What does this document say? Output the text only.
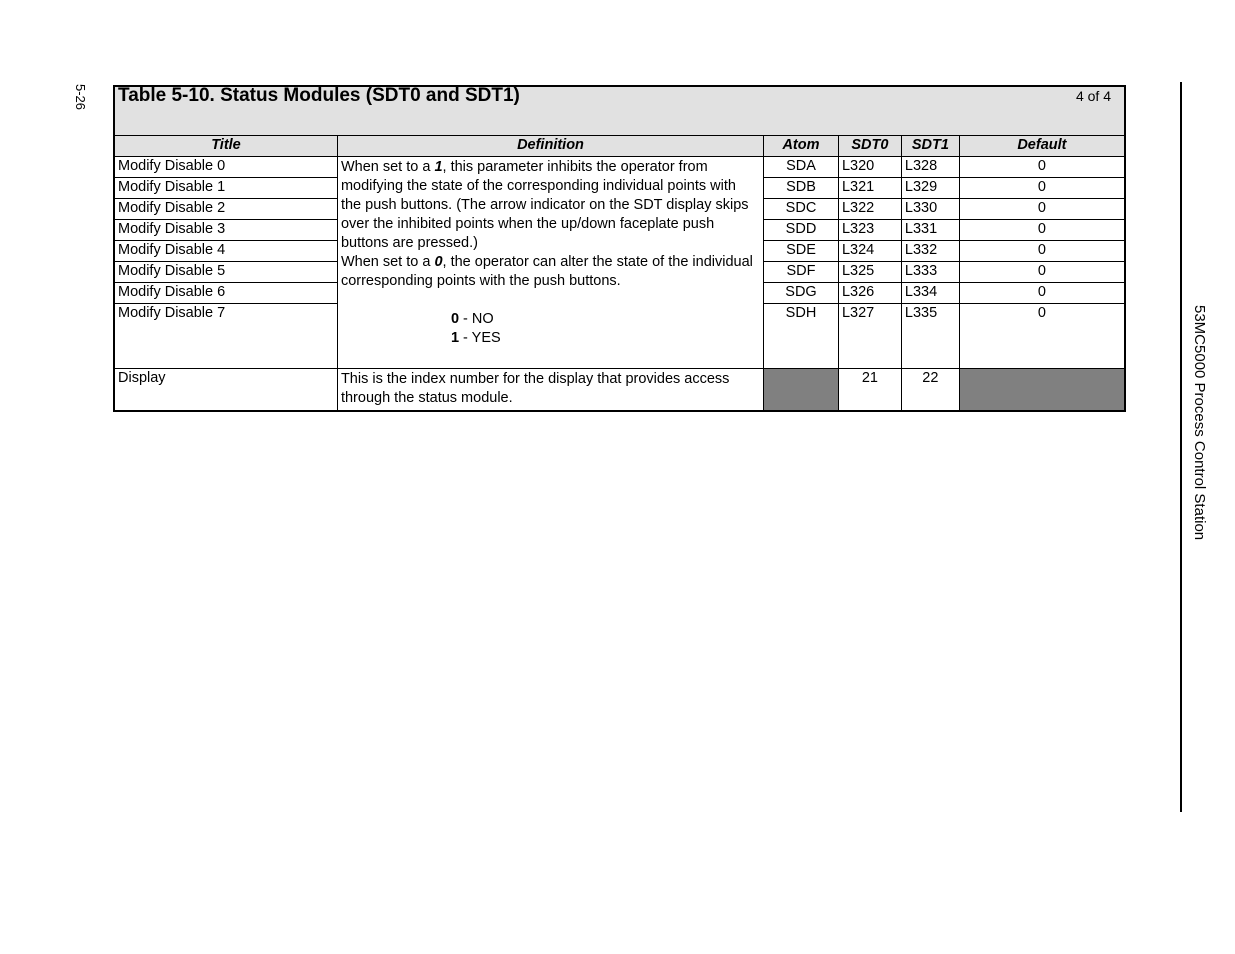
5-26
53MC5000 Process Control Station
Table 5-10. Status Modules (SDT0 and SDT1) 4 of 4					

Title	Definition	Atom	SDT0	SDT1	Default
Modify Disable 0	When set to a 1, this parameter inhibits the operator from modifying the state of the corresponding individual points with the push buttons. (The arrow indicator on the SDT display skips over the inhibited points when the up/down faceplate push buttons are pressed.)
When set to a 0, the operator can alter the state of the individual corresponding points with the push buttons.
0 - NO
1 - YES	SDA	L320	L328	0
Modify Disable 1		SDB	L321	L329	0
Modify Disable 2		SDC	L322	L330	0
Modify Disable 3		SDD	L323	L331	0
Modify Disable 4		SDE	L324	L332	0
Modify Disable 5		SDF	L325	L333	0
Modify Disable 6		SDG	L326	L334	0
Modify Disable 7		SDH	L327	L335	0
Display	This is the index number for the display that provides access through the status module.		21	22	
